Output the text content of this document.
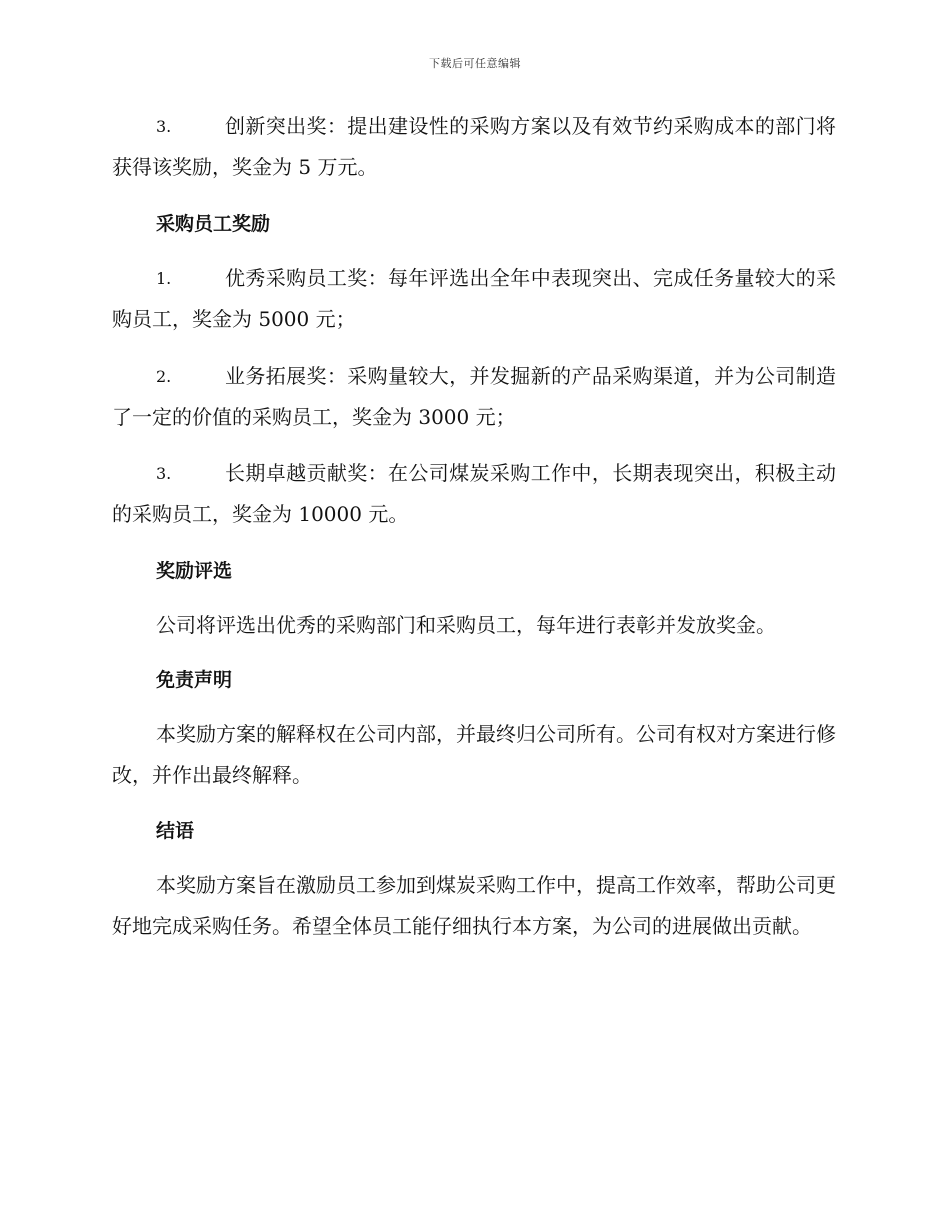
下载后可任意编辑
3.	创新突出奖：提出建设性的采购方案以及有效节约采购成本的部门将获得该奖励，奖金为 5 万元。
采购员工奖励
1.	优秀采购员工奖：每年评选出全年中表现突出、完成任务量较大的采购员工，奖金为 5000 元；
2.	业务拓展奖：采购量较大，并发掘新的产品采购渠道，并为公司制造了一定的价值的采购员工，奖金为 3000 元；
3.	长期卓越贡献奖：在公司煤炭采购工作中，长期表现突出，积极主动的采购员工，奖金为 10000 元。
奖励评选

公司将评选出优秀的采购部门和采购员工，每年进行表彰并发放奖金。

免责声明

本奖励方案的解释权在公司内部，并最终归公司所有。公司有权对方案进行修改，并作出最终解释。

结语

本奖励方案旨在激励员工参加到煤炭采购工作中，提高工作效率，帮助公司更好地完成采购任务。希望全体员工能仔细执行本方案，为公司的进展做出贡献。
